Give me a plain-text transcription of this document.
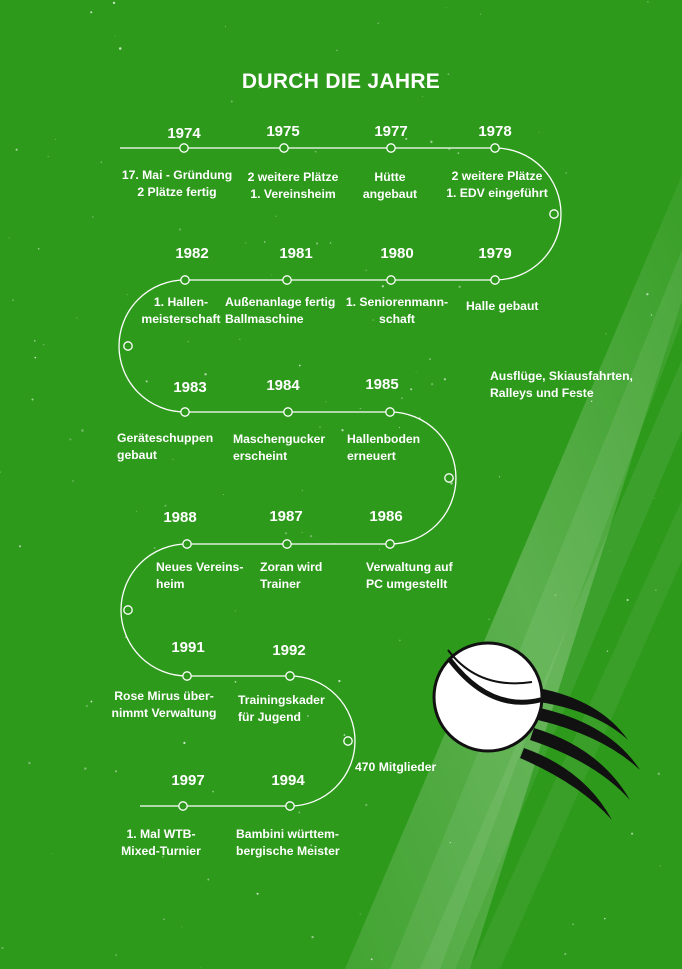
DURCH DIE JAHRE
1974	1975	1977	1978
17. Mai - Gründung
2 Plätze fertig
2 weitere Plätze
1. Vereinsheim
Hütte
angebaut
2 weitere Plätze
1. EDV eingeführt
1982	1981	1980	1979
1. Hallen-
meisterschaft
Außenanlage fertig
Ballmaschine
1. Seniorenmann-
schaft
Halle gebaut
Ausflüge, Skiausfahrten,
Ralleys und Feste
1983	1984	1985
Geräteschuppen
gebaut
Maschengucker
erscheint
Hallenboden
erneuert
1988	1987	1986
Neues Vereins-
heim
Zoran wird
Trainer
Verwaltung auf
PC umgestellt
1991	1992
Rose Mirus über-
nimmt Verwaltung
Trainingskader
für Jugend
470 Mitglieder
1997	1994
1. Mal WTB-
Mixed-Turnier
Bambini württem-
bergische Meister
